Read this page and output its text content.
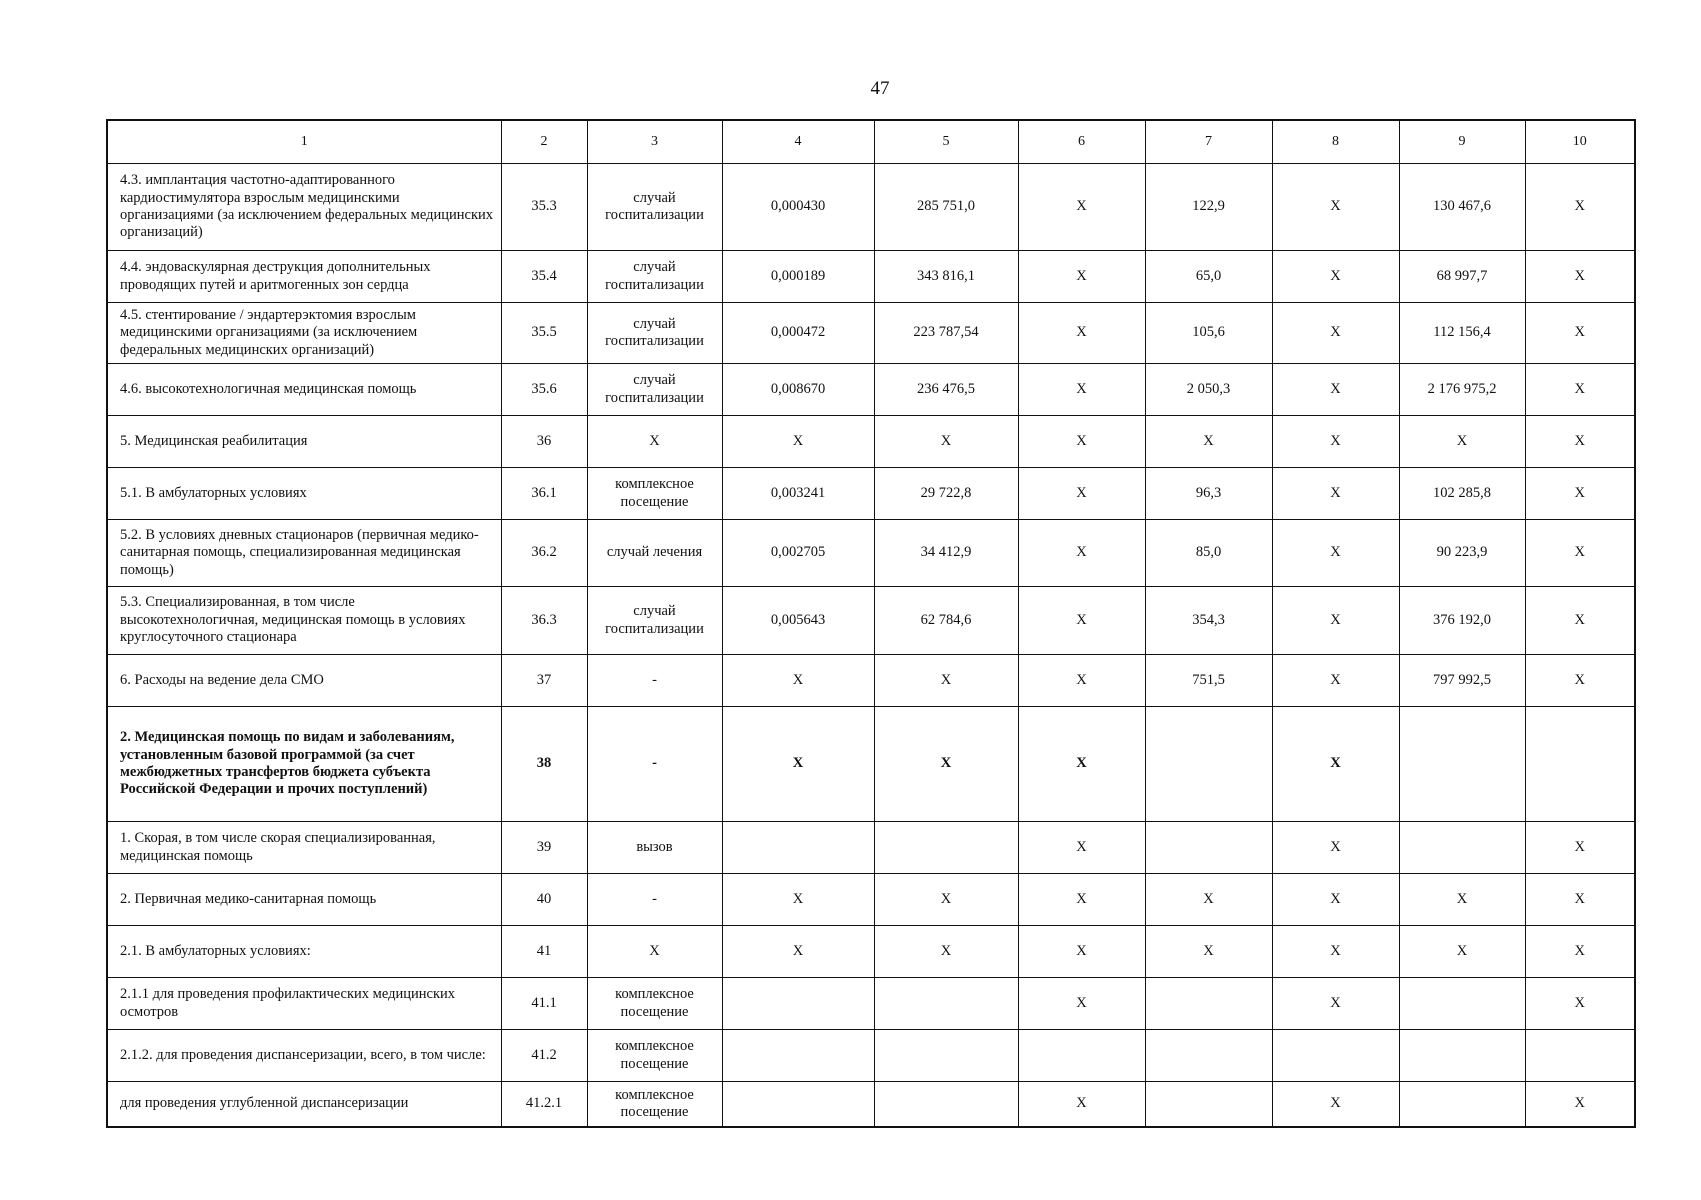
47
1	2	3	4	5	6	7	8	9	10
4.3. имплантация частотно-адаптированного кардиостимулятора взрослым медицинскими организациями (за исключением федеральных медицинских организаций)	35.3	случай госпитализации	0,000430	285 751,0	X	122,9	X	130 467,6	X
4.4. эндоваскулярная деструкция дополнительных проводящих путей и аритмогенных зон сердца	35.4	случай госпитализации	0,000189	343 816,1	X	65,0	X	68 997,7	X
4.5. стентирование / эндартерэктомия взрослым медицинскими организациями (за исключением федеральных медицинских организаций)	35.5	случай госпитализации	0,000472	223 787,54	X	105,6	X	112 156,4	X
4.6. высокотехнологичная медицинская помощь	35.6	случай госпитализации	0,008670	236 476,5	X	2 050,3	X	2 176 975,2	X
5. Медицинская реабилитация	36	X	X	X	X	X	X	X	X
5.1. В амбулаторных условиях	36.1	комплексное посещение	0,003241	29 722,8	X	96,3	X	102 285,8	X
5.2. В условиях дневных стационаров (первичная медико-санитарная помощь, специализированная медицинская помощь)	36.2	случай лечения	0,002705	34 412,9	X	85,0	X	90 223,9	X
5.3. Специализированная, в том числе высокотехнологичная, медицинская помощь в условиях круглосуточного стационара	36.3	случай госпитализации	0,005643	62 784,6	X	354,3	X	376 192,0	X
6. Расходы на ведение дела СМО	37	-	X	X	X	751,5	X	797 992,5	X
2. Медицинская помощь по видам и заболеваниям, установленным базовой программой (за счет межбюджетных трансфертов бюджета субъекта Российской Федерации и прочих поступлений)	38	-	X	X	X		X		
1. Скорая, в том числе скорая специализированная, медицинская помощь	39	вызов			X		X		X
2. Первичная медико-санитарная помощь	40	-	X	X	X	X	X	X	X
2.1. В амбулаторных условиях:	41	X	X	X	X	X	X	X	X
2.1.1 для проведения профилактических медицинских осмотров	41.1	комплексное посещение			X		X		X
2.1.2. для проведения диспансеризации, всего, в том числе:	41.2	комплексное посещение							
для проведения углубленной диспансеризации	41.2.1	комплексное посещение			X		X		X
